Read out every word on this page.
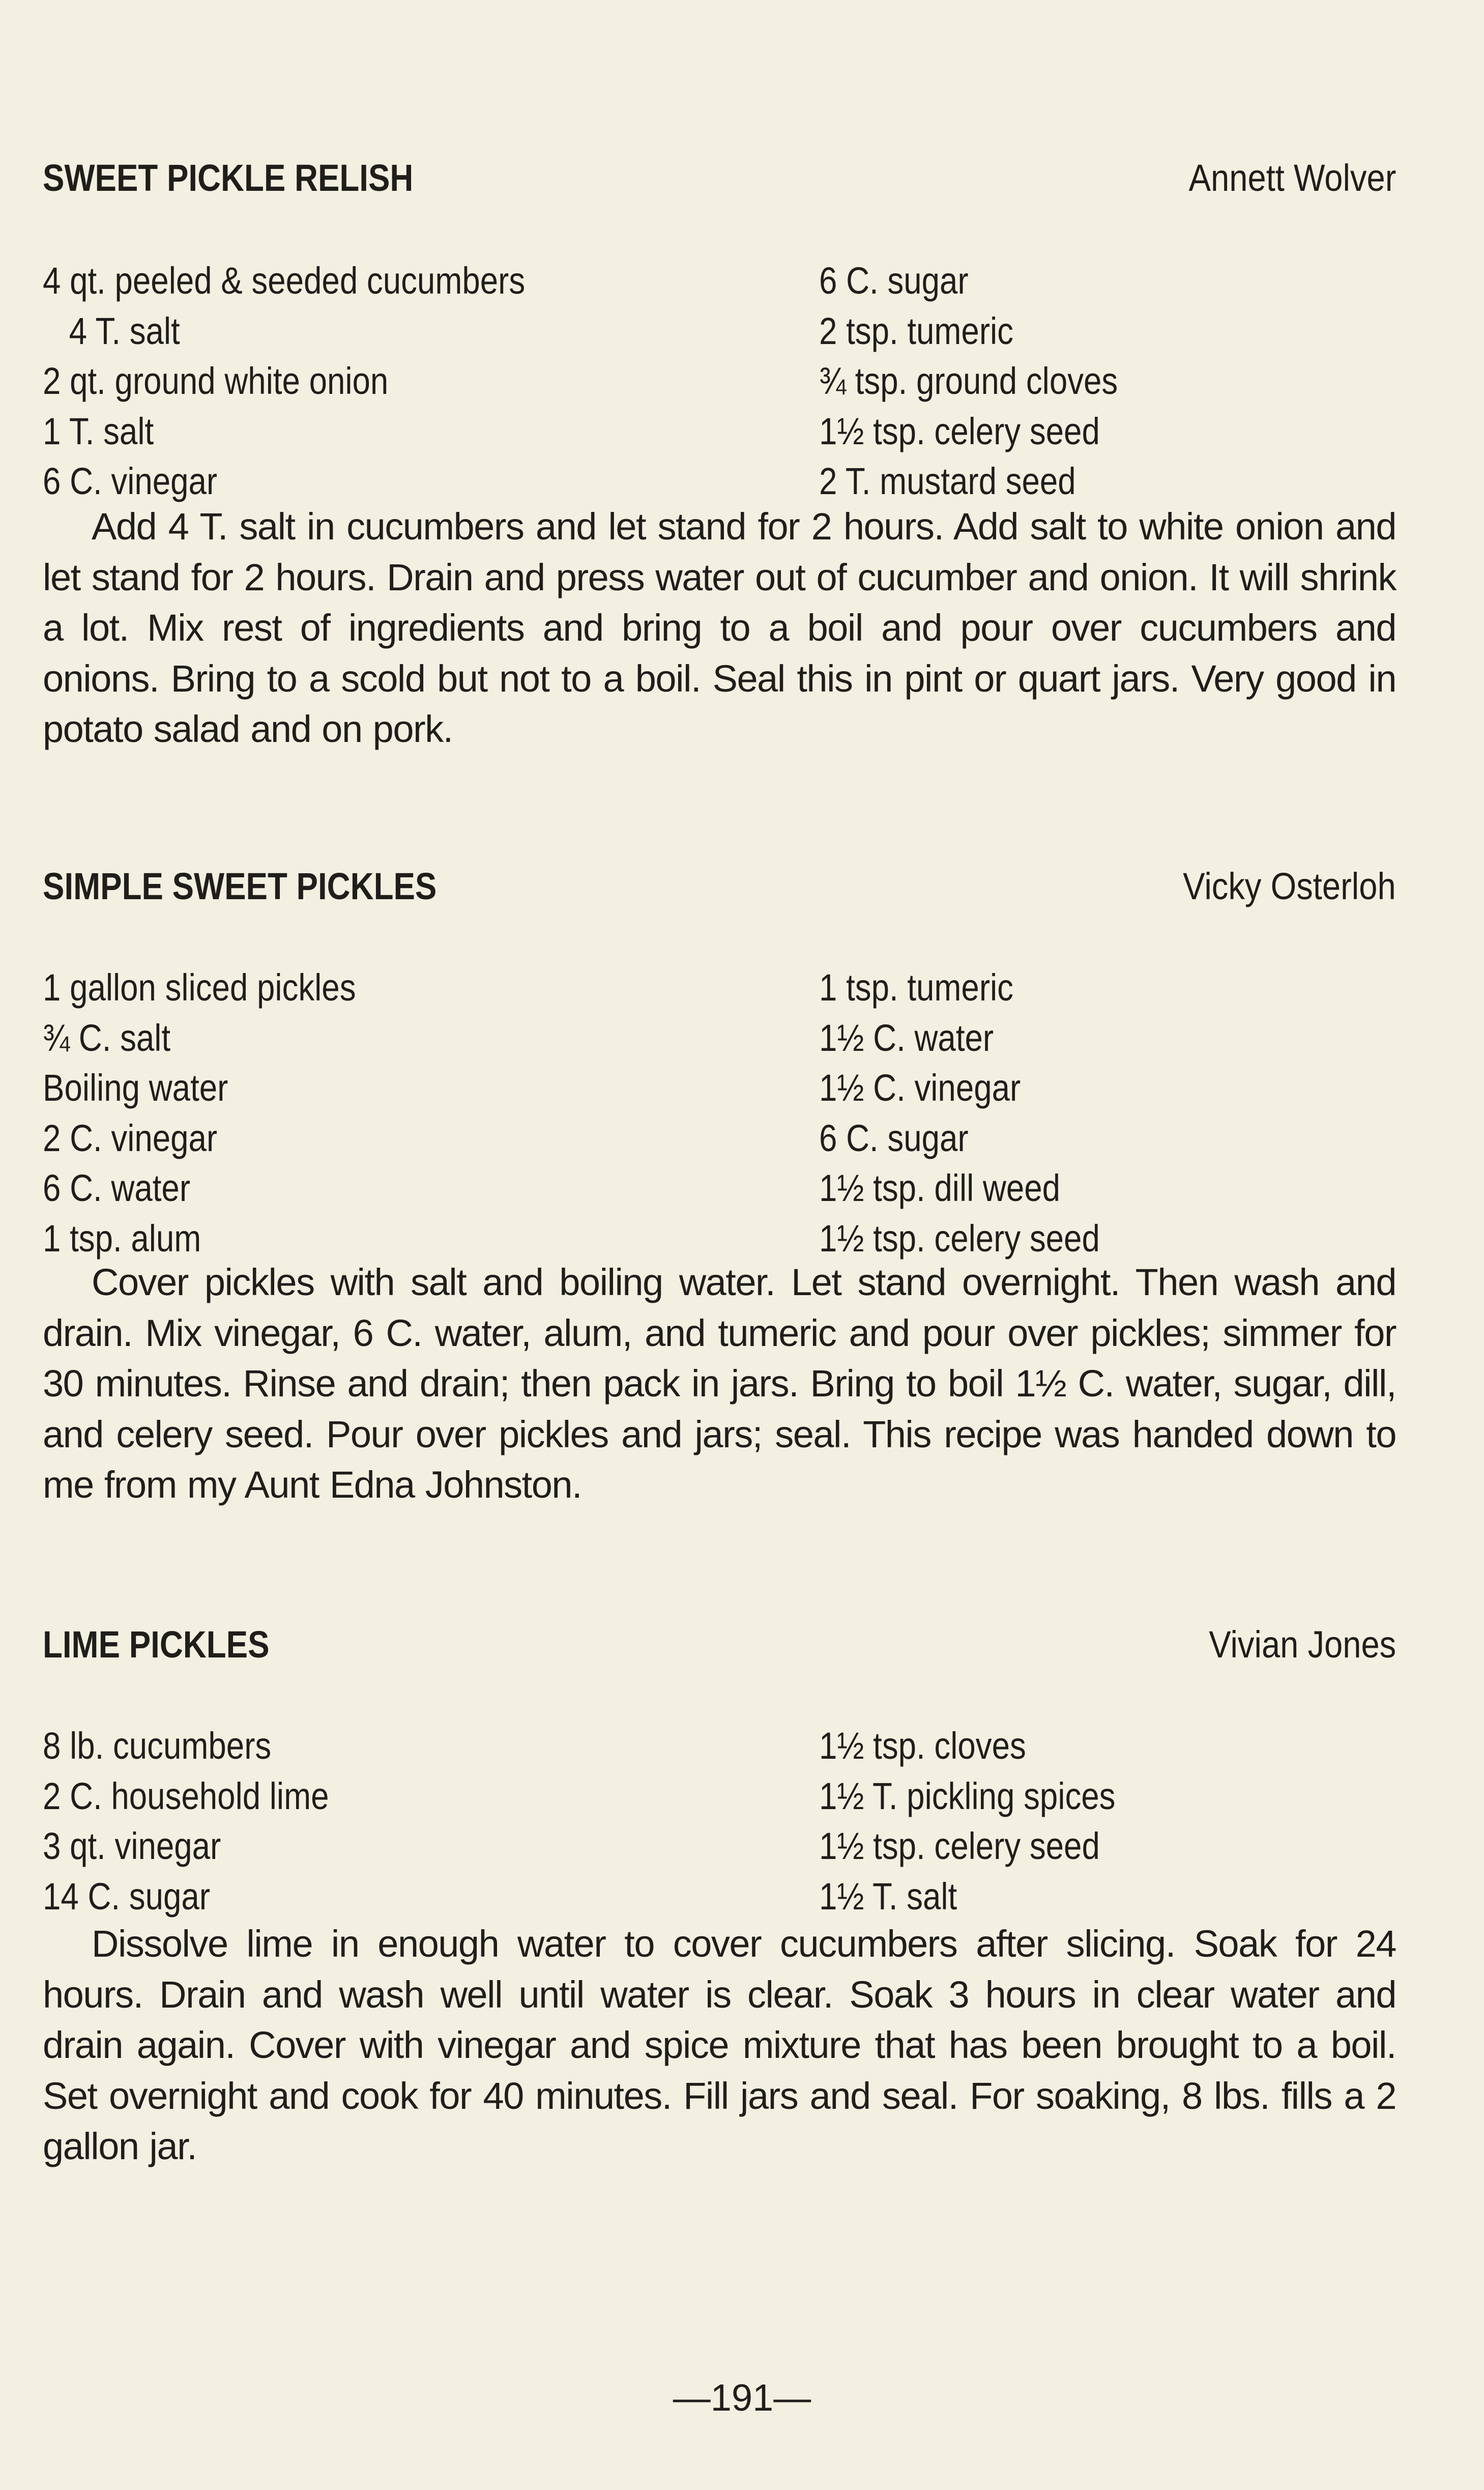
SWEET PICKLE RELISH	Annett Wolver
4 qt. peeled & seeded cucumbers
4 T. salt
2 qt. ground white onion
1 T. salt
6 C. vinegar
6 C. sugar
2 tsp. tumeric
¾ tsp. ground cloves
1½ tsp. celery seed
2 T. mustard seed

Add 4 T. salt in cucumbers and let stand for 2 hours. Add salt to white onion and let stand for 2 hours. Drain and press water out of cucumber and onion. It will shrink a lot. Mix rest of ingredients and bring to a boil and pour over cucumbers and onions. Bring to a scold but not to a boil. Seal this in pint or quart jars. Very good in potato salad and on pork.

SIMPLE SWEET PICKLES	Vicky Osterloh
1 gallon sliced pickles
¾ C. salt
Boiling water
2 C. vinegar
6 C. water
1 tsp. alum
1 tsp. tumeric
1½ C. water
1½ C. vinegar
6 C. sugar
1½ tsp. dill weed
1½ tsp. celery seed

Cover pickles with salt and boiling water. Let stand overnight. Then wash and drain. Mix vinegar, 6 C. water, alum, and tumeric and pour over pickles; simmer for 30 minutes. Rinse and drain; then pack in jars. Bring to boil 1½ C. water, sugar, dill, and celery seed. Pour over pickles and jars; seal. This recipe was handed down to me from my Aunt Edna Johnston.

LIME PICKLES	Vivian Jones
8 lb. cucumbers
2 C. household lime
3 qt. vinegar
14 C. sugar
1½ tsp. cloves
1½ T. pickling spices
1½ tsp. celery seed
1½ T. salt

Dissolve lime in enough water to cover cucumbers after slicing. Soak for 24 hours. Drain and wash well until water is clear. Soak 3 hours in clear water and drain again. Cover with vinegar and spice mixture that has been brought to a boil. Set overnight and cook for 40 minutes. Fill jars and seal. For soaking, 8 lbs. fills a 2 gallon jar.

—191—
